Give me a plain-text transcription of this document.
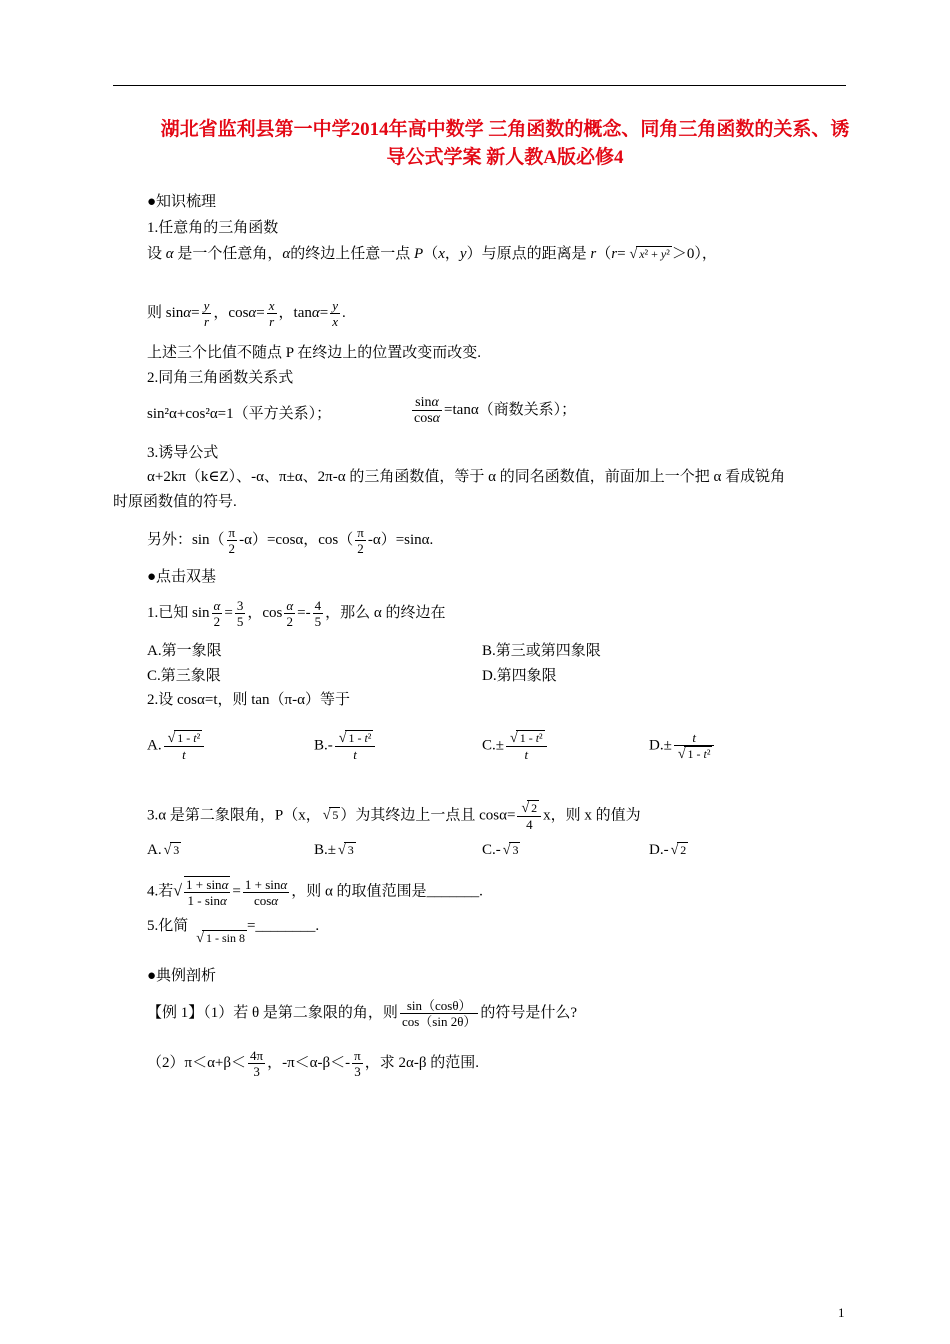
湖北省监利县第一中学2014年高中数学 三角函数的概念、同角三角函数的关系、诱导公式学案 新人教A版必修4
●知识梳理
1.任意角的三角函数
设 α 是一个任意角，α的终边上任意一点 P（x，y）与原点的距离是 r（r= √ x² + y² ＞0），
则 $\sin\alpha= \frac{y}{r}$ ，$\cos\alpha= \frac{x}{r}$ ，$\tan\alpha= \frac{y}{x}$ .
上述三个比值不随点 P 在终边上的位置改变而改变.
2.同角三角函数关系式
sin²α+cos²α=1（平方关系）；	$\frac{\sin\alpha}{\cos\alpha} =\tan\alpha$（商数关系）；
3.诱导公式
α+2kπ（k∈Z）、-α、π±α、2π-α 的三角函数值，等于 α 的同名函数值，前面加上一个把 α 看成锐角
时原函数值的符号.
另外：$\sin( \frac{\pi}{2} -\alpha)=\cos\alpha$，$\cos( \frac{\pi}{2} -\alpha)=\sin\alpha$.
●点击双基
1.已知 $\sin \frac{\alpha}{2} = \frac{3}{5}$ ，$\cos \frac{\alpha}{2} =- \frac{4}{5}$ ，那么 α 的终边在
A.第一象限	B.第三或第四象限
C.第三象限	D.第四象限
2.设 cosα=t，则 tan（π-α）等于
A. √ $\frac{\text{1 - t²}}{t}$	B.- √ $\frac{\text{1 - t²}}{t}$	C.± √ $\frac{\text{1 - t²}}{t}$	D.± t
√ 1 - t²
3.α 是第二象限角，P（x， √ 5 ）为其终边上一点且 cosα= √ $\frac{2}{4}$ x，则 x 的值为
A. √ 3	B.± √ 3	C.- √ 3	D.- √ 2
4.若√ $\frac{1 + \sin\alpha}{1 - \sin\alpha} = \frac{1 + \sin\alpha}{\cos\alpha}$ ，则 α 的取值范围是_______.
5.化简√ 1 - sin 8=________.
●典例剖析
【例 1】（1）若 θ 是第二象限的角，则 $\frac{\sin(\cos\theta)}{\cos(\sin 2\theta)}$ 的符号是什么?
$(2)\pi<\alpha+\beta< \frac{4\pi}{3}$ ，$-\pi<\alpha-\beta<- \frac{\pi}{3}$ ，求 2α-β 的范围.
1
